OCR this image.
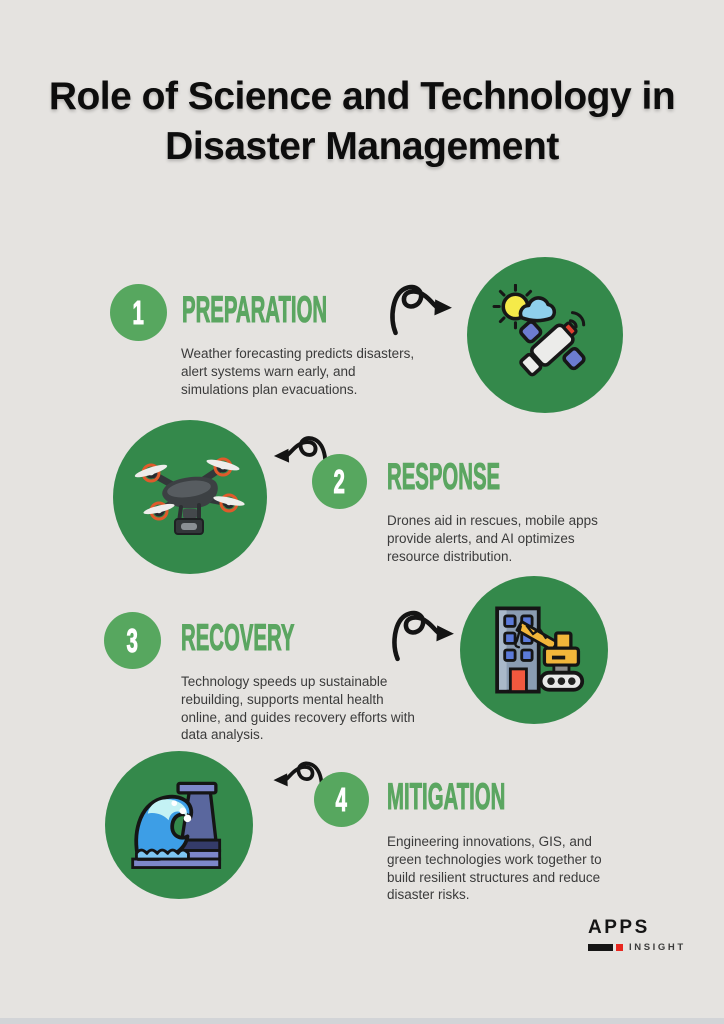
Role of Science and Technology in
Disaster Management
1 PREPARATION
Weather forecasting predicts disasters, alert systems warn early, and simulations plan evacuations.
2 RESPONSE
Drones aid in rescues, mobile apps provide alerts, and AI optimizes resource distribution.
3 RECOVERY
Technology speeds up sustainable rebuilding, supports mental health online, and guides recovery efforts with data analysis.
4 MITIGATION
Engineering innovations, GIS, and green technologies work together to build resilient structures and reduce disaster risks.
APPS
INSIGHT
